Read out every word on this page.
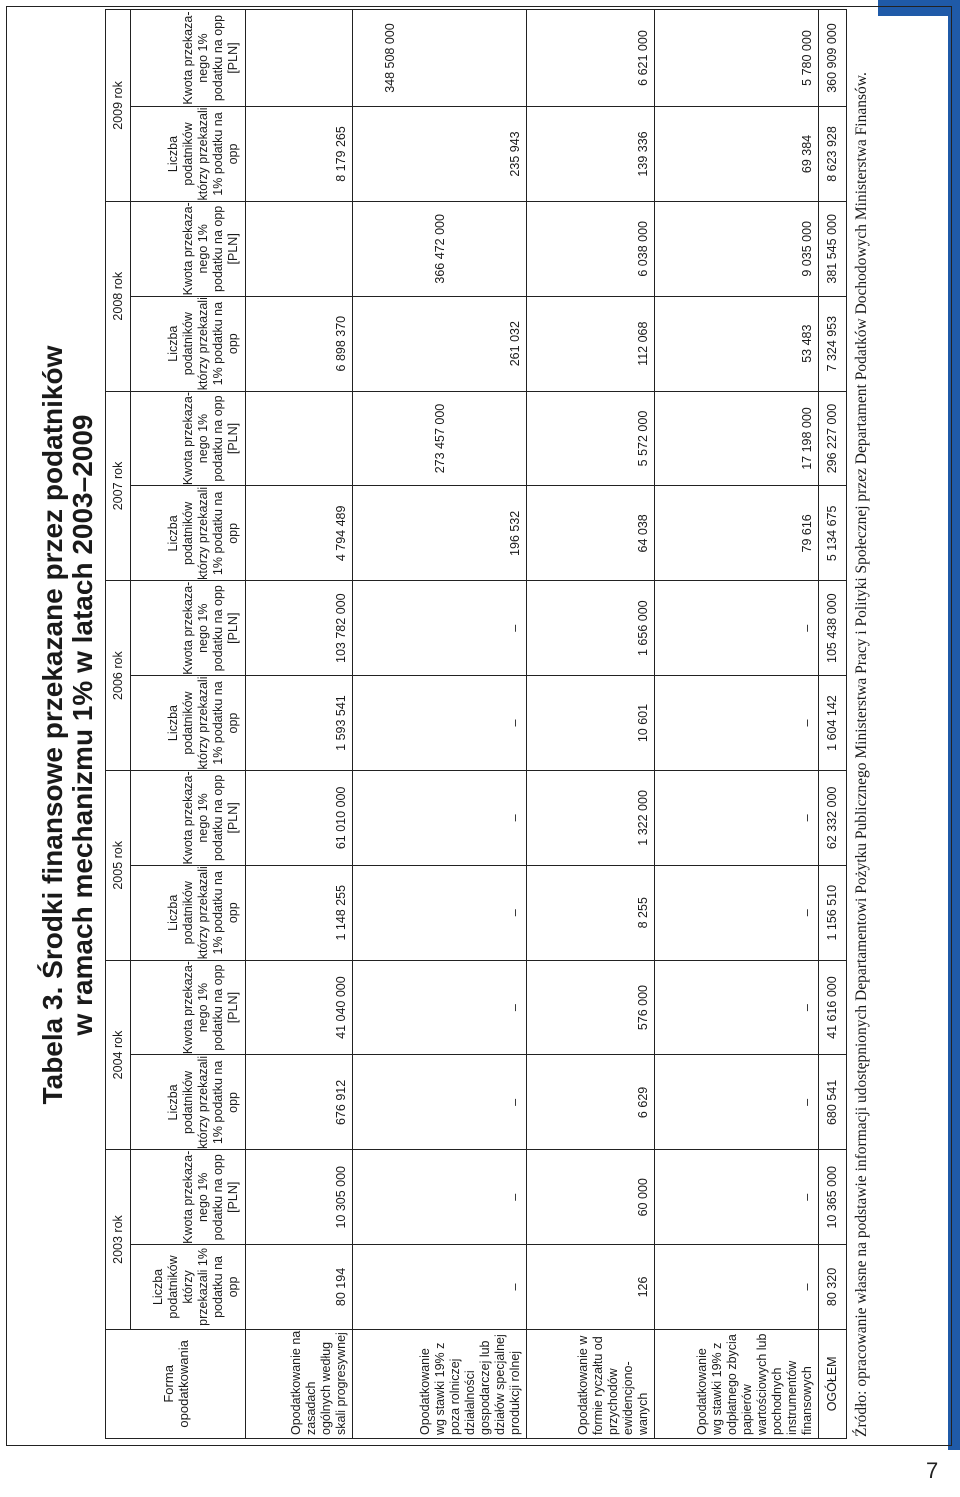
Tabela 3. Środki finansowe przekazane przez podatników w ramach mechanizmu 1% w latach 2003–2009
Forma opodatkowania	2003 rok		2004 rok		2005 rok		2006 rok		2007 rok		2008 rok		2009 rok	
	Liczba podatników którzy przekazali 1% podatku na opp	Kwota przekaza-nego 1% podatku na opp [PLN]	Liczba podatników którzy przekazali 1% podatku na opp	Kwota przekaza-nego 1% podatku na opp [PLN]	Liczba podatników którzy przekazali 1% podatku na opp	Kwota przekaza-nego 1% podatku na opp [PLN]	Liczba podatników którzy przekazali 1% podatku na opp	Kwota przekaza-nego 1% podatku na opp [PLN]	Liczba podatników którzy przekazali 1% podatku na opp	Kwota przekaza-nego 1% podatku na opp [PLN]	Liczba podatników którzy przekazali 1% podatku na opp	Kwota przekaza-nego 1% podatku na opp [PLN]	Liczba podatników którzy przekazali 1% podatku na opp	Kwota przekaza-nego 1% podatku na opp [PLN]
Opodatkowanie na zasadach ogólnych według skali progresywnej	80 194	10 305 000	676 912	41 040 000	1 148 255	61 010 000	1 593 541	103 782 000	4 794 489		6 898 370		8 179 265	
Opodatkowanie wg stawki 19% z poza rolniczej działalności gospodarczej lub działów specjalnej produkcji rolnej	–	–	–	–	–	–	–	–	196 532	273 457 000	261 032	366 472 000	235 943	348 508 000
Opodatkowanie w formie ryczałtu od przychodów ewidencjono-wanych	126	60 000	6 629	576 000	8 255	1 322 000	10 601	1 656 000	64 038	5 572 000	112 068	6 038 000	139 336	6 621 000
Opodatkowanie wg stawki 19% z odpłatnego zbycia papierów wartościowych lub pochodnych instrumentów finansowych	–	–	–	–	–	–	–	–	79 616	17 198 000	53 483	9 035 000	69 384	5 780 000
OGÓŁEM	80 320	10 365 000	680 541	41 616 000	1 156 510	62 332 000	1 604 142	105 438 000	5 134 675	296 227 000	7 324 953	381 545 000	8 623 928	360 909 000
Źródło: opracowanie własne na podstawie informacji udostępnionych Departamentowi Pożytku Publicznego Ministerstwa Pracy i Polityki Społecznej przez Departament Podatków Dochodowych Ministerstwa Finansów.
7
